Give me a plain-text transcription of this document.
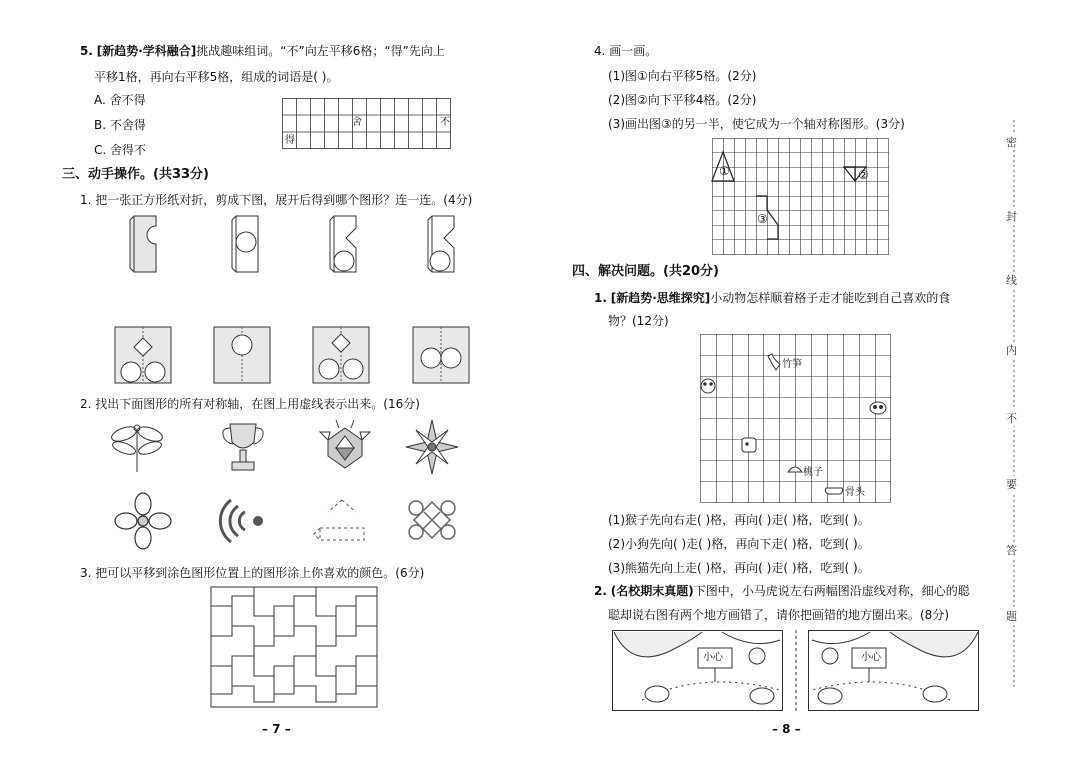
5. [新趋势·学科融合]挑战趣味组词。“不”向左平移6格；“得”先向上
平移1格，再向右平移5格，组成的词语是( )。
A. 舍不得
B. 不舍得
C. 舍得不
舍	不
得
三、动手操作。(共33分)
1. 把一张正方形纸对折，剪成下图，展开后得到哪个图形？连一连。(4分)
2. 找出下面图形的所有对称轴，在图上用虚线表示出来。(16分)
3. 把可以平移到涂色图形位置上的图形涂上你喜欢的颜色。(6分)
– 7 –
4. 画一画。
(1)图①向右平移5格。(2分)
(2)图②向下平移4格。(2分)
(3)画出图③的另一半，使它成为一个轴对称图形。(3分)
①	②
③
四、解决问题。(共20分)
1. [新趋势·思维探究]小动物怎样顺着格子走才能吃到自己喜欢的食
物？(12分)
竹笋
桃子
骨头
(1)猴子先向右走( )格，再向( )走( )格，吃到( )。
(2)小狗先向( )走( )格，再向下走( )格，吃到( )。
(3)熊猫先向上走( )格，再向( )走( )格，吃到( )。
2. (名校期末真题)下图中，小马虎说左右两幅图沿虚线对称，细心的聪
聪却说右图有两个地方画错了，请你把画错的地方圈出来。(8分)
小心	小心
– 8 –
密
封
线
内
不
要
答
题
